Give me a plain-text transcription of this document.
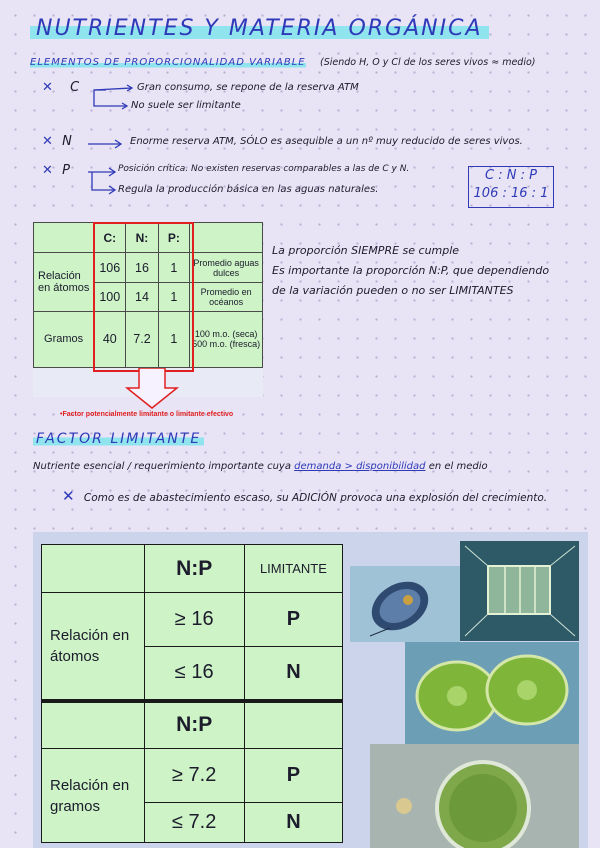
NUTRIENTES Y MATERIA ORGÁNICA
ELEMENTOS DE PROPORCIONALIDAD VARIABLE (Siendo H, O y Cl de los seres vivos ≈ medio)
✕ C	Gran consumo, se repone de la reserva ATM
No suele ser limitante
✕ N	Enorme reserva ATM, SÓLO es asequible a un nº muy reducido de seres vivos.
✕ P	Posición crítica. No existen reservas comparables a las de C y N.
Regula la producción básica en las aguas naturales.
C : N : P
106 : 16 : 1
	C:	N:	P:	
Relación en átomos	106	16	1	Promedio aguas dulces
	100	14	1	Promedio en océanos
Gramos	40	7.2	1	100 m.o. (seca)
500 m.o. (fresca)
•Factor potencialmente limitante o limitante efectivo
La proporción SIEMPRE se cumple
Es importante la proporción N:P, que dependiendo
de la variación pueden o no ser LIMITANTES
FACTOR LIMITANTE
Nutriente esencial / requerimiento importante cuya demanda > disponibilidad en el medio
✕ Como es de abastecimiento escaso, su ADICIÓN provoca una explosión del crecimiento.
	N:P	LIMITANTE
Relación en átomos	≥ 16	P
	≤ 16	N
	N:P	
Relación en gramos	≥ 7.2	P
	≤ 7.2	N
